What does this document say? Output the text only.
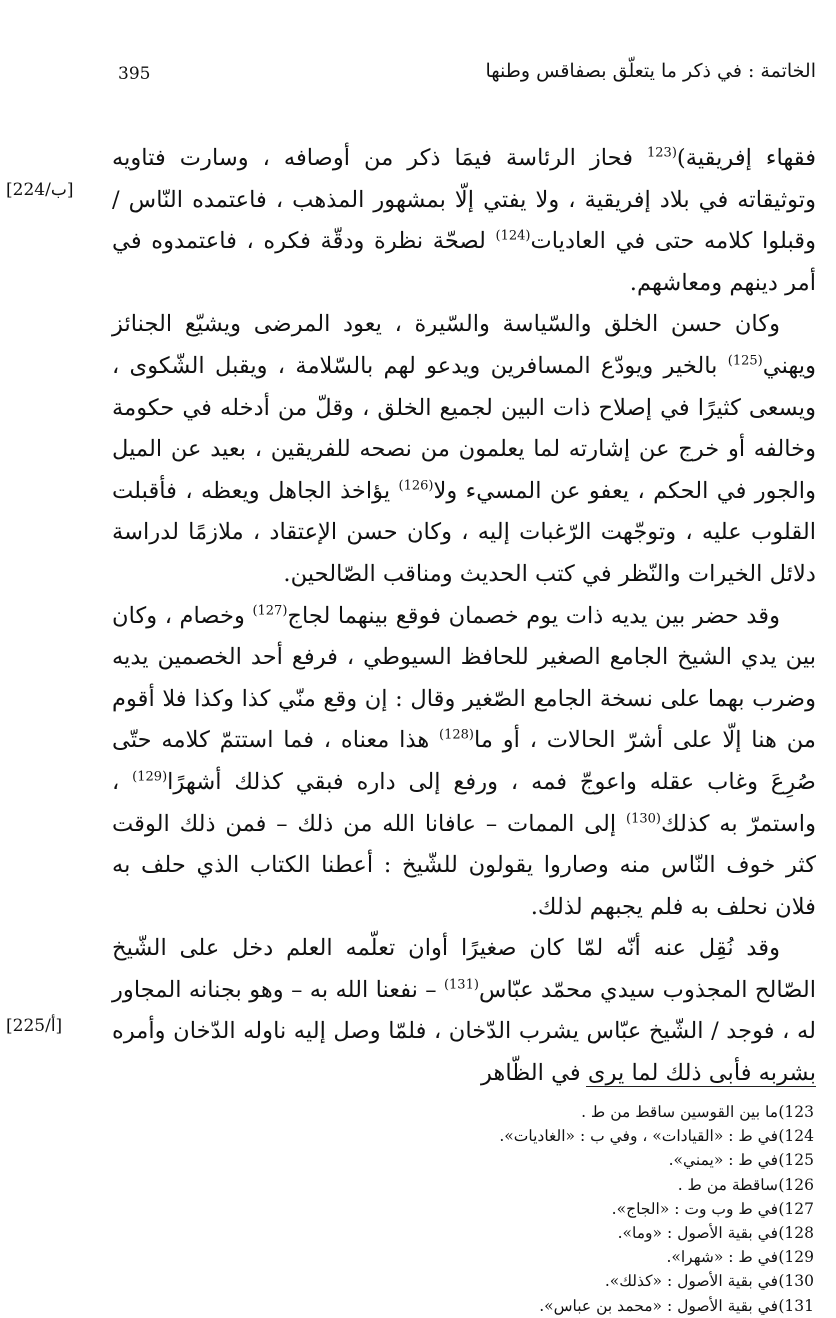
395	الخاتمة : في ذكر ما يتعلّق بصفاقس وطنها
[224/ب]
[225/أ]

فقهاء إفريقية)$^{(123}$ فحاز الرئاسة فيمَا ذكر من أوصافه ، وسارت فتاويه وتوثيقاته في بلاد إفريقية ، ولا يفتي إلّا بمشهور المذهب ، فاعتمده النّاس / وقبلوا كلامه حتى في العاديات$^{(124)}$ لصحّة نظرة ودقّة فكره ، فاعتمدوه في أمر دينهم ومعاشهم.

وكان حسن الخلق والسّياسة والسّيرة ، يعود المرضى ويشيّع الجنائز ويهني$^{(125)}$ بالخير ويودّع المسافرين ويدعو لهم بالسّلامة ، ويقبل الشّكوى ، ويسعى كثيرًا في إصلاح ذات البين لجميع الخلق ، وقلّ من أدخله في حكومة وخالفه أو خرج عن إشارته لما يعلمون من نصحه للفريقين ، بعيد عن الميل والجور في الحكم ، يعفو عن المسيء ولا$^{(126)}$ يؤاخذ الجاهل ويعظه ، فأقبلت القلوب عليه ، وتوجّهت الرّغبات إليه ، وكان حسن الإعتقاد ، ملازمًا لدراسة دلائل الخيرات والنّظر في كتب الحديث ومناقب الصّالحين.

وقد حضر بين يديه ذات يوم خصمان فوقع بينهما لجاج$^{(127)}$ وخصام ، وكان بين يدي الشيخ الجامع الصغير للحافظ السيوطي ، فرفع أحد الخصمين يديه وضرب بهما على نسخة الجامع الصّغير وقال : إن وقع منّي كذا وكذا فلا أقوم من هنا إلّا على أشرّ الحالات ، أو ما$^{(128)}$ هذا معناه ، فما استتمّ كلامه حتّى صُرِعَ وغاب عقله واعوجّ فمه ، ورفع إلى داره فبقي كذلك أشهرًا$^{(129)}$ ، واستمرّ به كذلك$^{(130)}$ إلى الممات – عافانا الله من ذلك – فمن ذلك الوقت كثر خوف النّاس منه وصاروا يقولون للشّيخ : أعطنا الكتاب الذي حلف به فلان نحلف به فلم يجبهم لذلك.

وقد نُقِل عنه أنّه لمّا كان صغيرًا أوان تعلّمه العلم دخل على الشّيخ الصّالح المجذوب سيدي محمّد عبّاس$^{(131)}$ – نفعنا الله به – وهو بجنانه المجاور له ، فوجد / الشّيخ عبّاس يشرب الدّخان ، فلمّا وصل إليه ناوله الدّخان وأمره بشربه فأبى ذلك لما يرى في الظّاهر

123)ما بين القوسين ساقط من ط .
124)في ط : «القيادات» ، وفي ب : «الغاديات».
125)في ط : «يمني».
126)ساقطة من ط .
127)في ط وب وت : «الجاج».
128)في بقية الأصول : «وما».
129)في ط : «شهرا».
130)في بقية الأصول : «كذلك».
131)في بقية الأصول : «محمد بن عباس».
